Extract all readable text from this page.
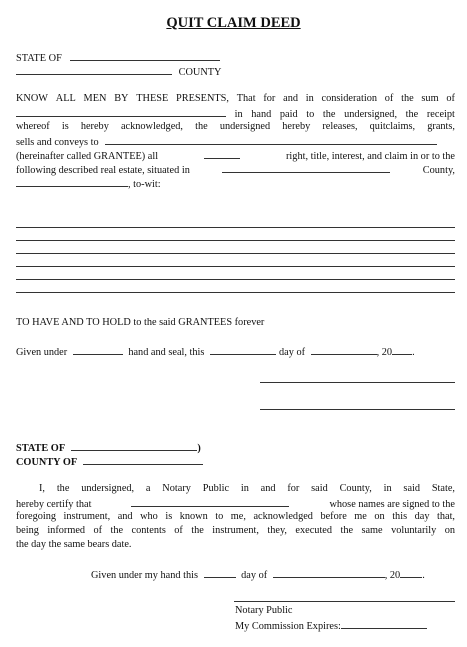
QUIT CLAIM DEED
STATE OF
COUNTY
KNOW ALL MEN BY THESE PRESENTS, That for and in consideration of the sum of
in hand paid to the undersigned, the receipt
whereof is hereby acknowledged, the undersigned hereby releases, quitclaims, grants,
sells and conveys to
(hereinafter called GRANTEE) all	right, title, interest, and claim in or to the
following described real estate, situated in	County,
, to-wit:
TO HAVE AND TO HOLD to the said GRANTEES forever
Given under	hand and seal, this	day of	, 20 .
STATE OF	)
COUNTY OF
I, the undersigned, a Notary Public in and for said County, in said State,
hereby certify that	whose names are signed to the
foregoing instrument, and who is known to me, acknowledged before me on this day that,
being informed of the contents of the instrument, they, executed the same voluntarily on
the day the same bears date.
Given under my hand this	day of	, 20 .
Notary Public
My Commission Expires:
